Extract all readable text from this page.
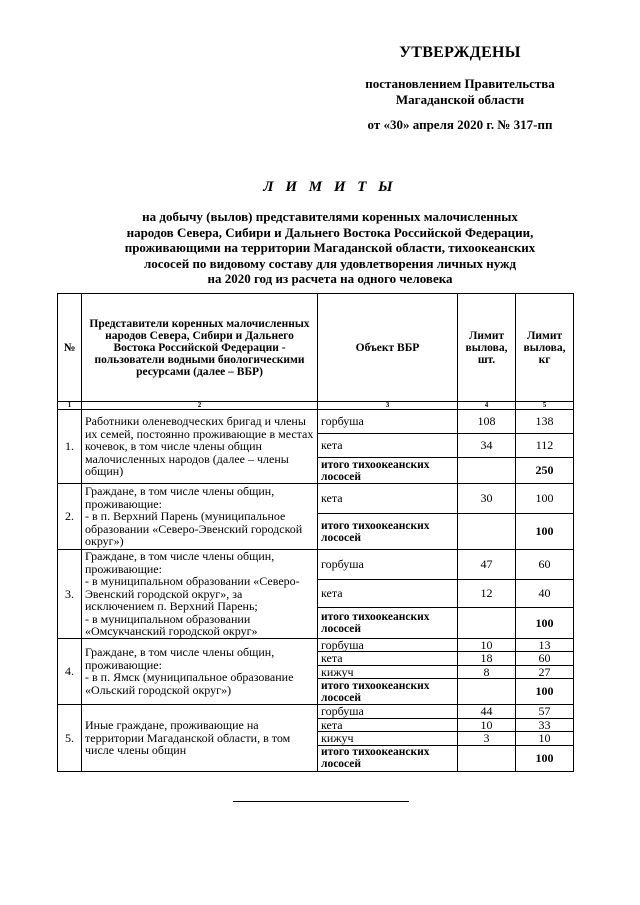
УТВЕРЖДЕНЫ
постановлением Правительства
Магаданской области
от «30» апреля 2020 г. № 317-пп
Л И М И Т Ы
на добычу (вылов) представителями коренных малочисленных
народов Севера, Сибири и Дальнего Востока Российской Федерации,
проживающими на территории Магаданской области, тихоокеанских
лососей по видовому составу для удовлетворения личных нужд
на 2020 год из расчета на одного человека
№	Представители коренных малочисленных народов Севера, Сибири и Дальнего Востока Российской Федерации - пользователи водными биологическими ресурсами (далее – ВБР)	Объект ВБР	Лимит вылова, шт.	Лимит вылова, кг
1	2	3	4	5
1.	Работники оленеводческих бригад и члены их семей, постоянно проживающие в местах кочевок, в том числе члены общин малочисленных народов (далее – члены общин)	горбуша	108	138
		кета	34	112
		итого тихоокеанских лососей		250
2.	Граждане, в том числе члены общин, проживающие:
- в п. Верхний Парень (муниципальное образовании «Северо-Эвенский городской округ»)	кета	30	100
		итого тихоокеанских лососей		100
3.	Граждане, в том числе члены общин, проживающие:
- в муниципальном образовании «Северо-Эвенский городской округ», за исключением п. Верхний Парень;
- в муниципальном образовании «Омсукчанский городской округ»	горбуша	47	60
		кета	12	40
		итого тихоокеанских лососей		100
4.	Граждане, в том числе члены общин, проживающие:
- в п. Ямск (муниципальное образование «Ольский городской округ»)	горбуша	10	13
		кета	18	60
		кижуч	8	27
		итого тихоокеанских лососей		100
5.	Иные граждане, проживающие на территории Магаданской области, в том числе члены общин	горбуша	44	57
		кета	10	33
		кижуч	3	10
		итого тихоокеанских лососей		100
